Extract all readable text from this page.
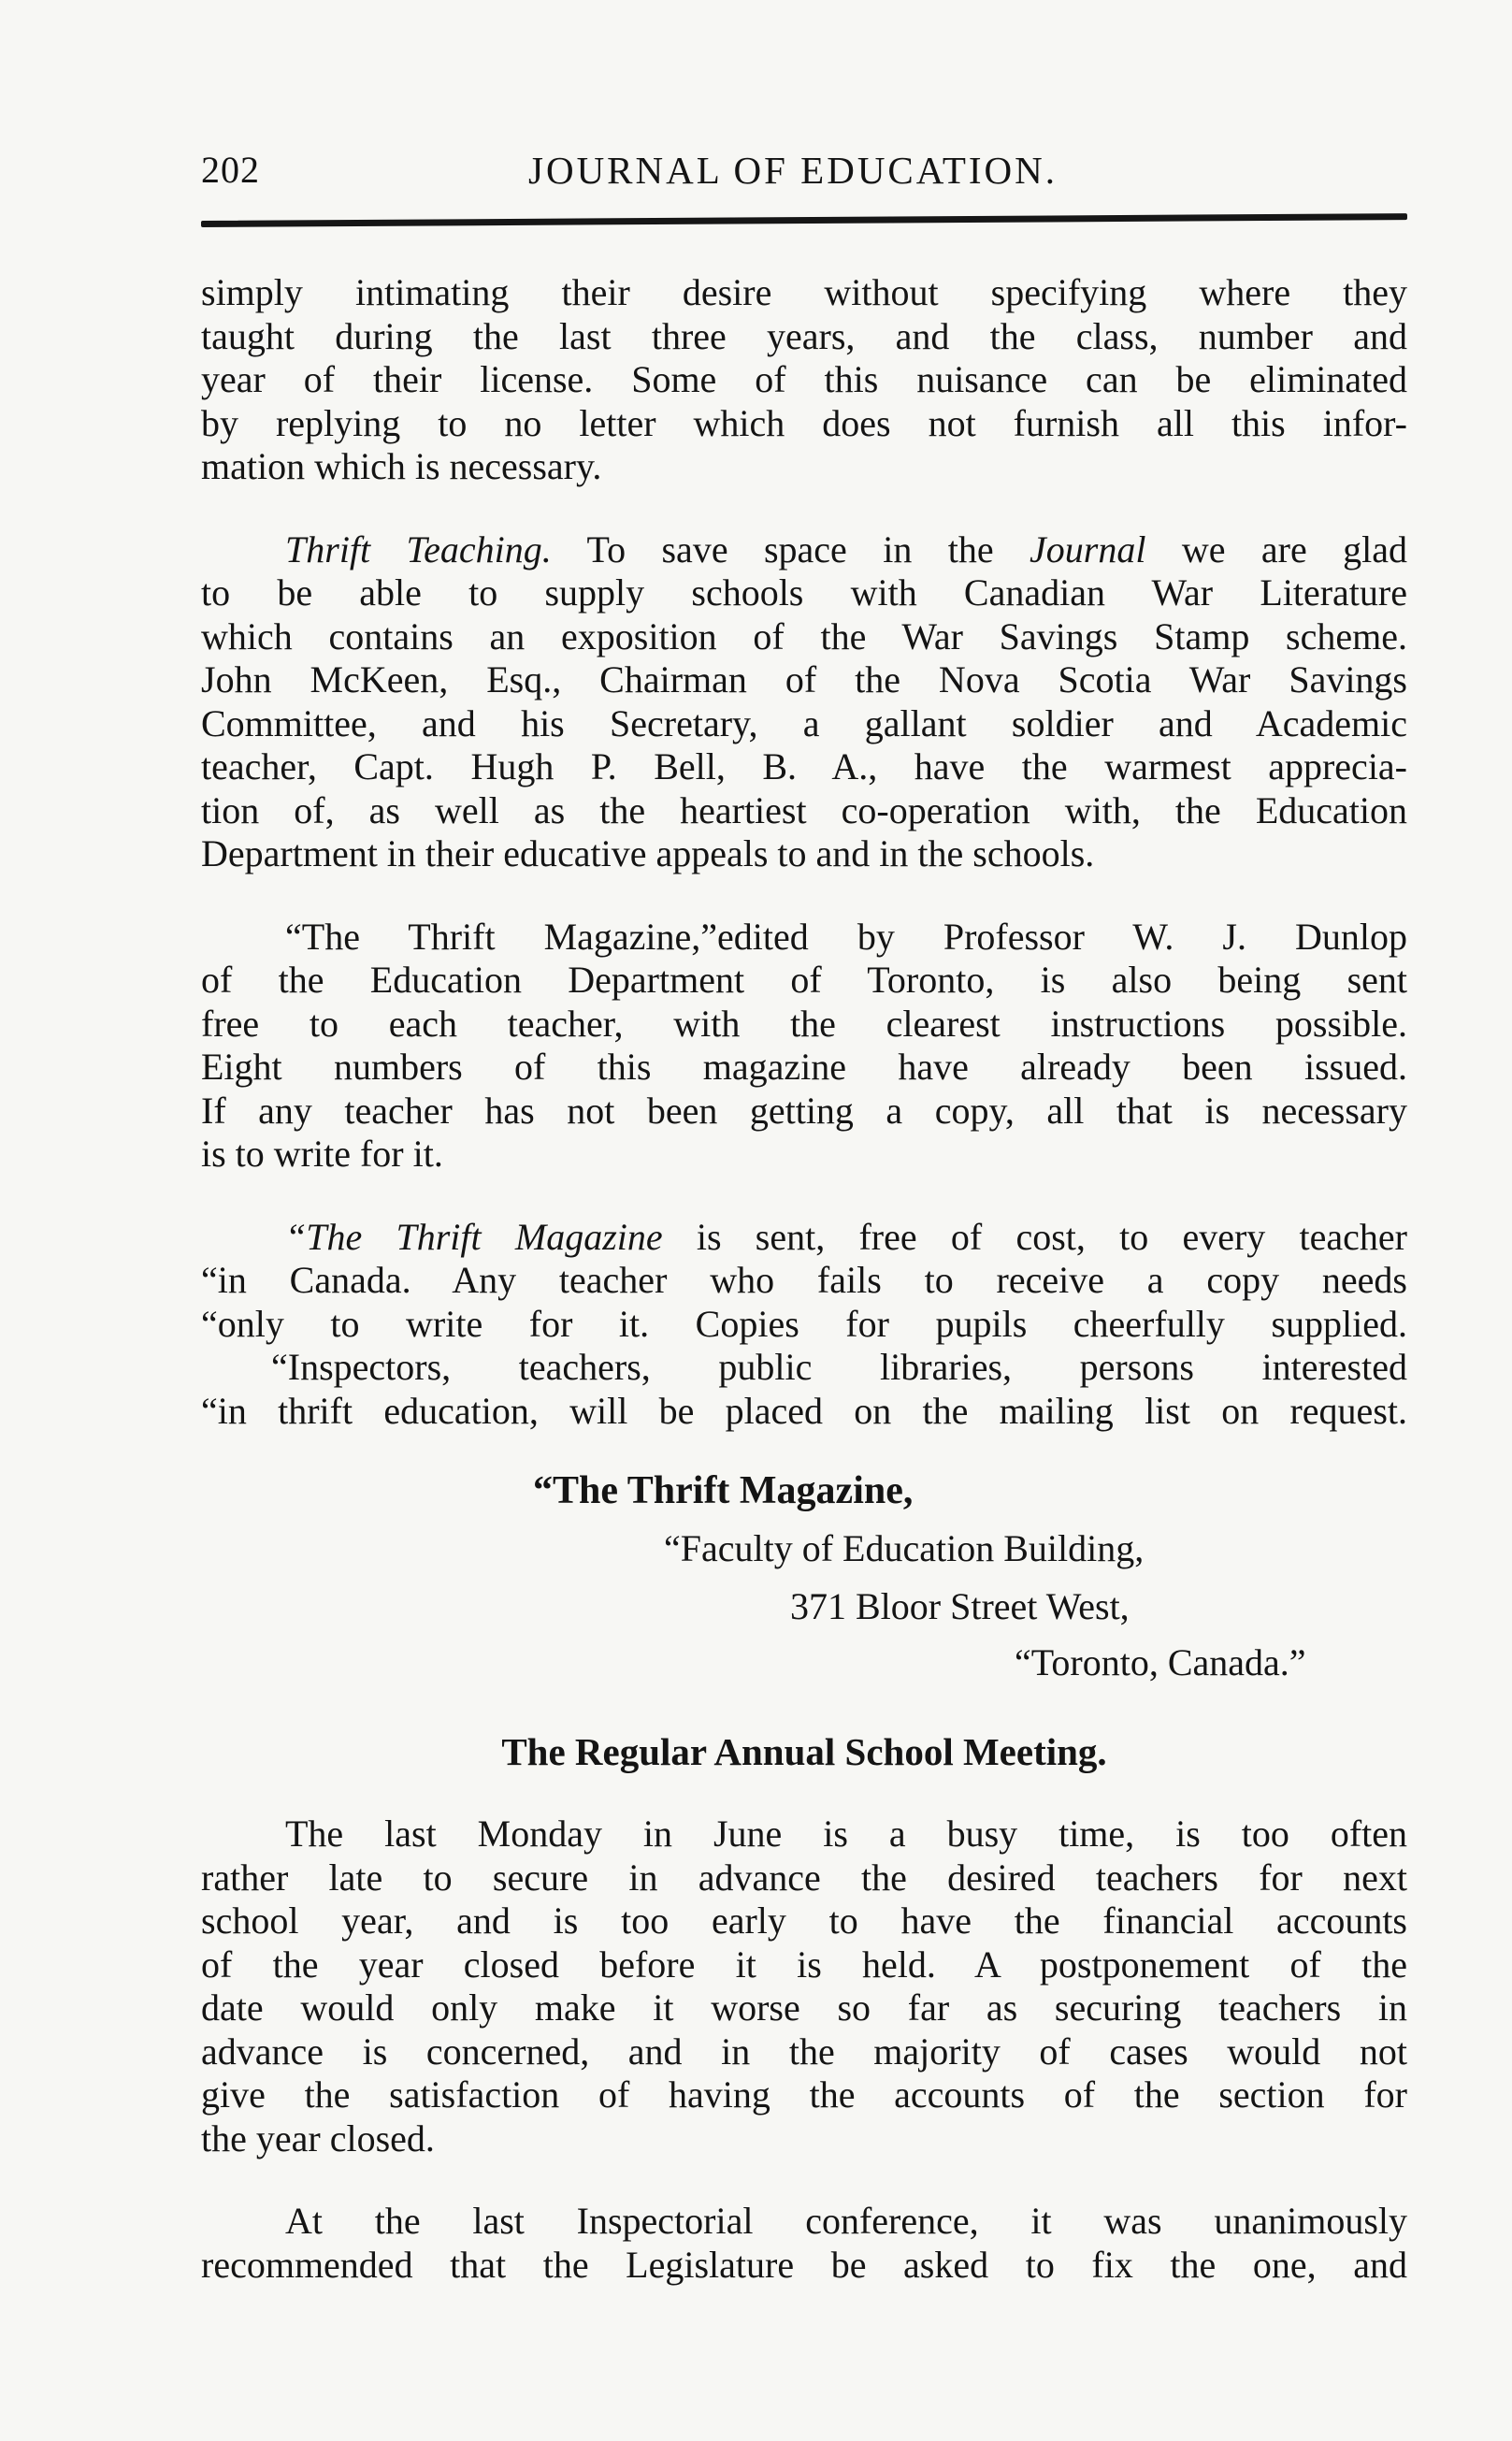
202	JOURNAL OF EDUCATION.
simply intimating their desire without specifying where they
taught during the last three years, and the class, number and
year of their license. Some of this nuisance can be eliminated
by replying to no letter which does not furnish all this infor-
mation which is necessary.
Thrift Teaching. To save space in the Journal we are glad
to be able to supply schools with Canadian War Literature
which contains an exposition of the War Savings Stamp scheme.
John McKeen, Esq., Chairman of the Nova Scotia War Savings
Committee, and his Secretary, a gallant soldier and Academic
teacher, Capt. Hugh P. Bell, B. A., have the warmest apprecia-
tion of, as well as the heartiest co-operation with, the Education
Department in their educative appeals to and in the schools.
“The Thrift Magazine,”edited by Professor W. J. Dunlop
of the Education Department of Toronto, is also being sent
free to each teacher, with the clearest instructions possible.
Eight numbers of this magazine have already been issued.
If any teacher has not been getting a copy, all that is necessary
is to write for it.
“The Thrift Magazine is sent, free of cost, to every teacher
“in Canada. Any teacher who fails to receive a copy needs
“only to write for it. Copies for pupils cheerfully supplied.
“Inspectors, teachers, public libraries, persons interested
“in thrift education, will be placed on the mailing list on request.
“The Thrift Magazine,
“Faculty of Education Building,
371 Bloor Street West,
“Toronto, Canada.”
The Regular Annual School Meeting.
The last Monday in June is a busy time, is too often
rather late to secure in advance the desired teachers for next
school year, and is too early to have the financial accounts
of the year closed before it is held. A postponement of the
date would only make it worse so far as securing teachers in
advance is concerned, and in the majority of cases would not
give the satisfaction of having the accounts of the section for
the year closed.
At the last Inspectorial conference, it was unanimously
recommended that the Legislature be asked to fix the one, and
